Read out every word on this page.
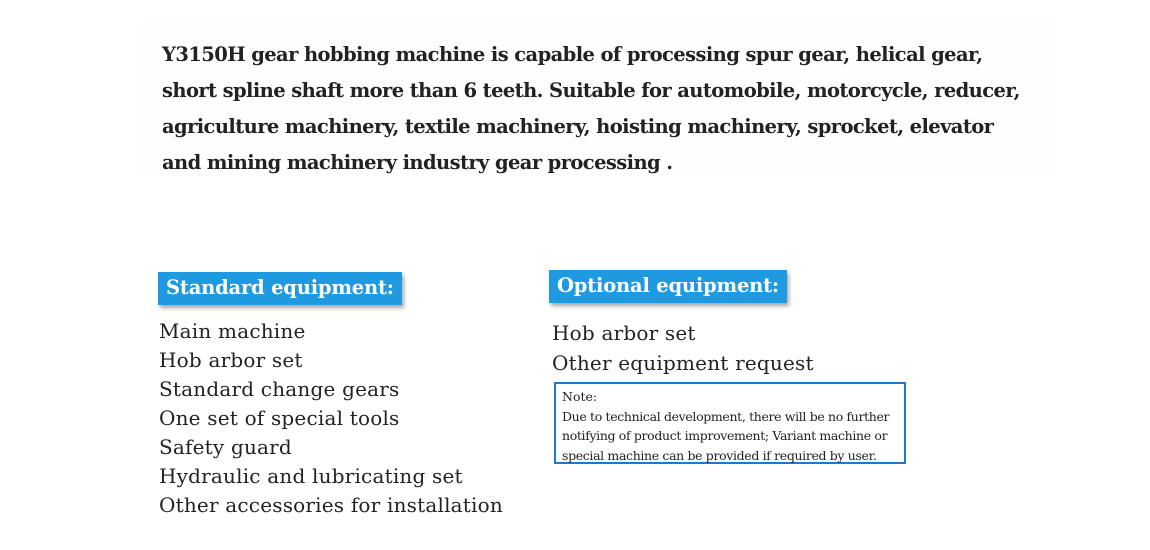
Y3150H gear hobbing machine is capable of processing spur gear, helical gear, short spline shaft more than 6 teeth. Suitable for automobile, motorcycle, reducer, agriculture machinery, textile machinery, hoisting machinery, sprocket, elevator and mining machinery industry gear processing .

Standard equipment:
Main machine
Hob arbor set
Standard change gears
One set of special tools
Safety guard
Hydraulic and lubricating set
Other accessories for installation
Optional equipment:
Hob arbor set
Other equipment request
Note:
Due to technical development, there will be no further notifying of product improvement; Variant machine or special machine can be provided if required by user.
